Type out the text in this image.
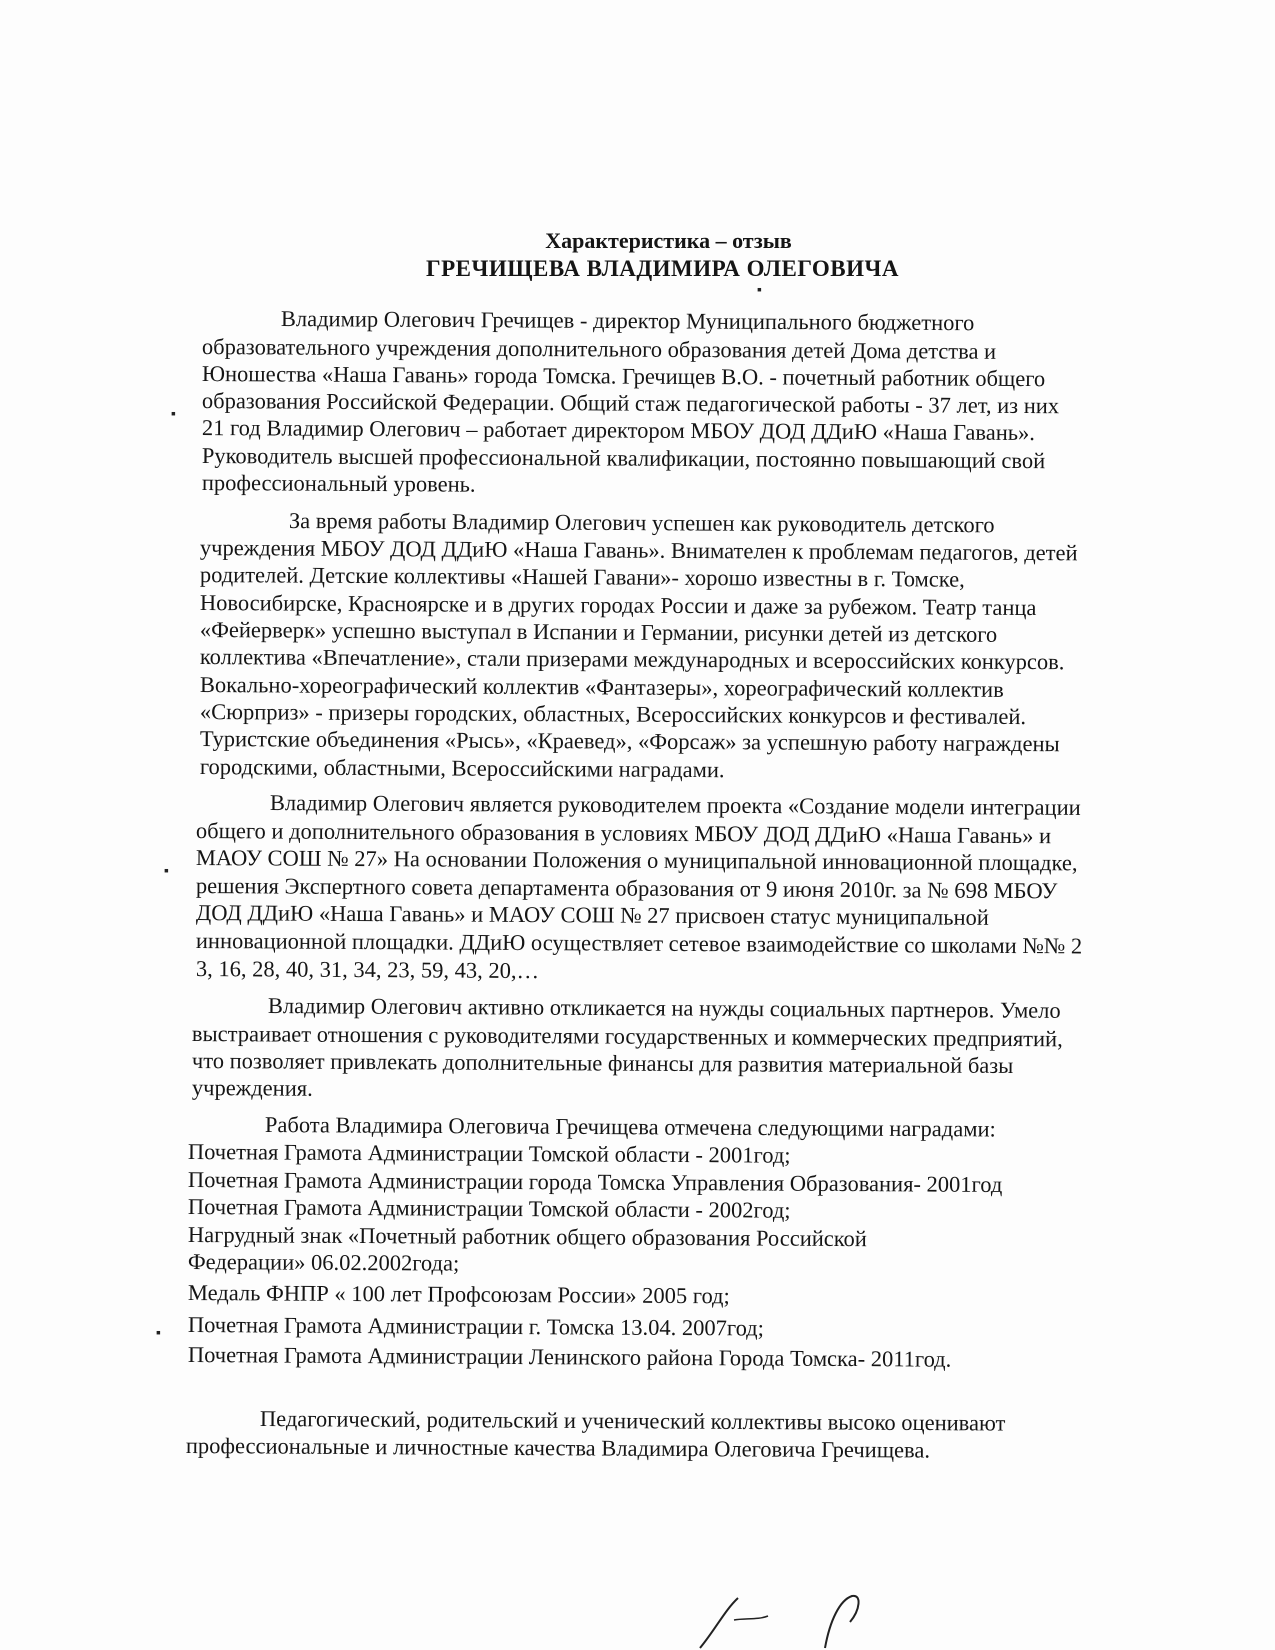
Характеристика – отзыв
ГРЕЧИЩЕВА ВЛАДИМИРА ОЛЕГОВИЧА
▪
Владимир Олегович Гречищев - директор Муниципального бюджетного
образовательного учреждения дополнительного образования детей Дома детства и
Юношества «Наша Гавань» города Томска. Гречищев В.О. - почетный работник общего
образования Российской Федерации. Общий стаж педагогической работы - 37 лет, из них
21 год Владимир Олегович – работает директором МБОУ ДОД ДДиЮ «Наша Гавань».
Руководитель высшей профессиональной квалификации, постоянно повышающий свой
профессиональный уровень.
▪
За время работы Владимир Олегович успешен как руководитель детского
учреждения МБОУ ДОД ДДиЮ «Наша Гавань». Внимателен к проблемам педагогов, детей
родителей. Детские коллективы «Нашей Гавани»- хорошо известны в г. Томске,
Новосибирске, Красноярске и в других городах России и даже за рубежом. Театр танца
«Фейерверк» успешно выступал в Испании и Германии, рисунки детей из детского
коллектива «Впечатление», стали призерами международных и всероссийских конкурсов.
Вокально-хореографический коллектив «Фантазеры», хореографический коллектив
«Сюрприз» - призеры городских, областных, Всероссийских конкурсов и фестивалей.
Туристские объединения «Рысь», «Краевед», «Форсаж» за успешную работу награждены
городскими, областными, Всероссийскими наградами.
Владимир Олегович является руководителем проекта «Создание модели интеграции
общего и дополнительного образования в условиях МБОУ ДОД ДДиЮ «Наша Гавань» и
МАОУ СОШ № 27» На основании Положения о муниципальной инновационной площадке,
решения Экспертного совета департамента образования от 9 июня 2010г. за № 698 МБОУ
ДОД ДДиЮ «Наша Гавань» и МАОУ СОШ № 27 присвоен статус муниципальной
инновационной площадки. ДДиЮ осуществляет сетевое взаимодействие со школами №№ 2
3, 16, 28, 40, 31, 34, 23, 59, 43, 20,…
▪
Владимир Олегович активно откликается на нужды социальных партнеров. Умело
выстраивает отношения с руководителями государственных и коммерческих предприятий,
что позволяет привлекать дополнительные финансы для развития материальной базы
учреждения.
Работа Владимира Олеговича Гречищева отмечена следующими наградами:
Почетная Грамота Администрации Томской области - 2001год;
Почетная Грамота Администрации города Томска Управления Образования- 2001год
Почетная Грамота Администрации Томской области - 2002год;
Нагрудный знак «Почетный работник общего образования Российской
Федерации» 06.02.2002года;
Медаль ФНПР « 100 лет Профсоюзам России» 2005 год;
Почетная Грамота Администрации г. Томска 13.04. 2007год;
Почетная Грамота Администрации Ленинского района Города Томска- 2011год.
▪
Педагогический, родительский и ученический коллективы высоко оценивают
профессиональные и личностные качества Владимира Олеговича Гречищева.
